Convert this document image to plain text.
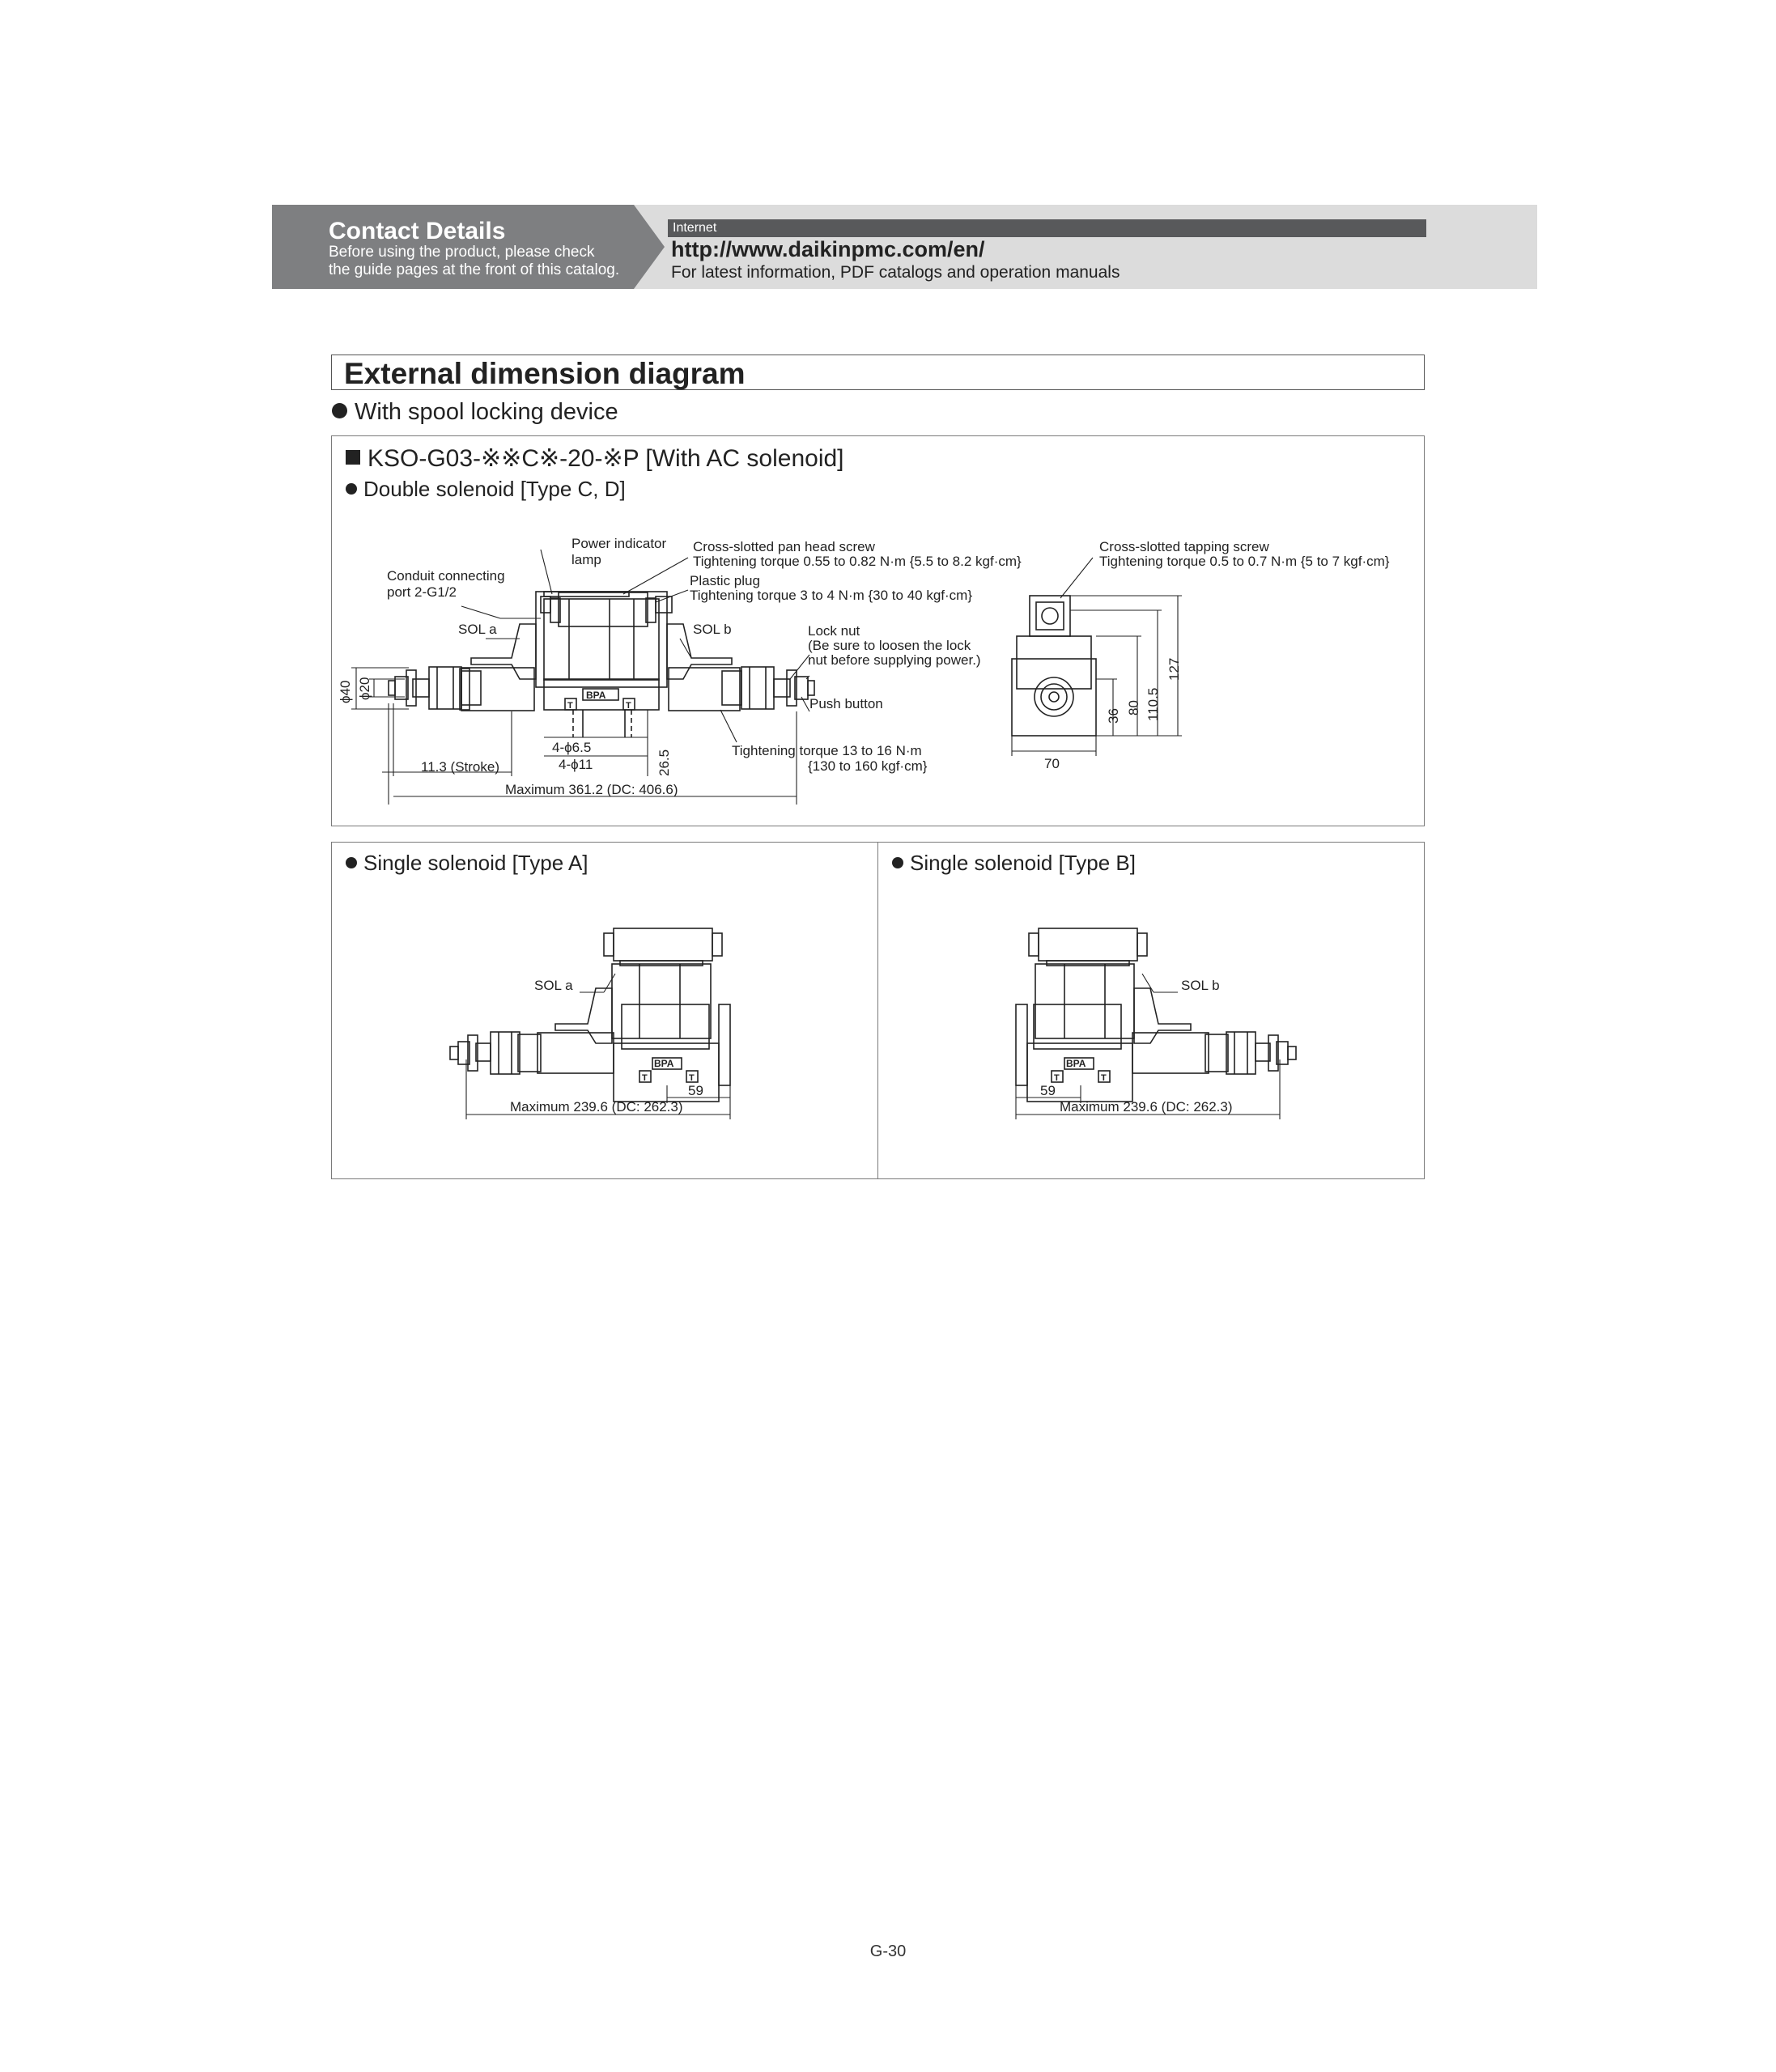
Contact Details
Before using the product, please check the guide pages at the front of this catalog.
Internet
http://www.daikinpmc.com/en/
For latest information, PDF catalogs and operation manuals
External dimension diagram
With spool locking device
KSO-G03-※※C※-20-※P [With AC solenoid]
Double solenoid [Type C, D]
Power indicator
lamp
Conduit connecting
port 2-G1/2
Cross-slotted pan head screw
Tightening torque 0.55 to 0.82 N·m {5.5 to 8.2 kgf·cm}
Plastic plug
Tightening torque 3 to 4 N·m {30 to 40 kgf·cm}
SOL a	SOL b	Lock nut
(Be sure to loosen the lock
nut before supplying power.)
Push button
Cross-slotted tapping screw
Tightening torque 0.5 to 0.7 N·m {5 to 7 kgf·cm}
Tightening torque 13 to 16 N·m
{130 to 160 kgf·cm}
4-ϕ6.5
4-ϕ11
11.3 (Stroke)
Maximum 361.2 (DC: 406.6)
ϕ40 ϕ20
26.5	70
36
80 110.5
127
BPA
T	T
Single solenoid [Type A]
SOL a
59
Maximum 239.6 (DC: 262.3)
BPA
T	T
Single solenoid [Type B]
SOL b
59
Maximum 239.6 (DC: 262.3)
BPA
T	T
G-30
